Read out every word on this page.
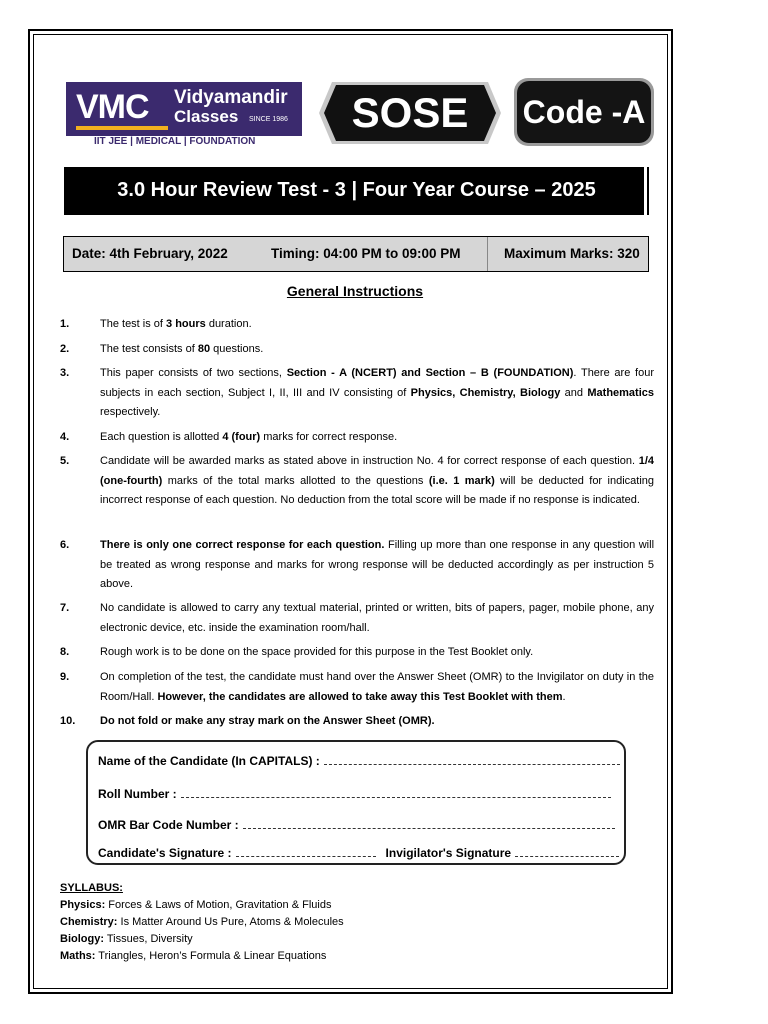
VMC Vidyamandir
Classes SINCE 1986
IIT JEE | MEDICAL | FOUNDATION
SOSE	Code -A
3.0 Hour Review Test - 3 | Four Year Course – 2025
Date: 4th February, 2022	Timing: 04:00 PM to 09:00 PM	Maximum Marks: 320
General Instructions
1.	The test is of 3 hours duration.
2.	The test consists of 80 questions.
3.	This paper consists of two sections, Section - A (NCERT) and Section – B (FOUNDATION). There are four subjects in each section, Subject I, II, III and IV consisting of Physics, Chemistry, Biology and Mathematics respectively.
4.	Each question is allotted 4 (four) marks for correct response.
5.	Candidate will be awarded marks as stated above in instruction No. 4 for correct response of each question. 1/4 (one-fourth) marks of the total marks allotted to the questions (i.e. 1 mark) will be deducted for indicating incorrect response of each question. No deduction from the total score will be made if no response is indicated.
6.	There is only one correct response for each question. Filling up more than one response in any question will be treated as wrong response and marks for wrong response will be deducted accordingly as per instruction 5 above.
7.	No candidate is allowed to carry any textual material, printed or written, bits of papers, pager, mobile phone, any electronic device, etc. inside the examination room/hall.
8.	Rough work is to be done on the space provided for this purpose in the Test Booklet only.
9.	On completion of the test, the candidate must hand over the Answer Sheet (OMR) to the Invigilator on duty in the Room/Hall. However, the candidates are allowed to take away this Test Booklet with them.
10.	Do not fold or make any stray mark on the Answer Sheet (OMR).
Name of the Candidate (In CAPITALS) :
Roll Number :
OMR Bar Code Number :
Candidate's Signature :	Invigilator's Signature
SYLLABUS:
Physics: Forces & Laws of Motion, Gravitation & Fluids
Chemistry: Is Matter Around Us Pure, Atoms & Molecules
Biology: Tissues, Diversity
Maths: Triangles, Heron’s Formula & Linear Equations
